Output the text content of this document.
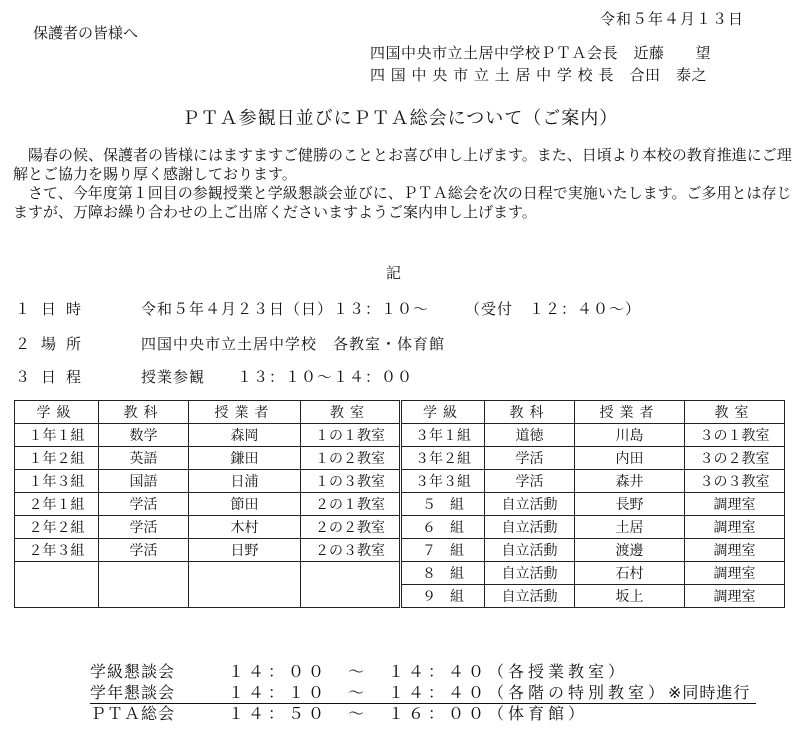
保護者の皆様へ
令和５年４月１３日
四国中央市立土居中学校ＰＴＡ会長　近藤　　望
四 国 中 央 市 立 土 居 中 学 校 長　合田　泰之
ＰＴＡ参観日並びにＰＴＡ総会について（ご案内）

陽春の候、保護者の皆様にはますますご健勝のこととお喜び申し上げます。また、日頃より本校の教育推進にご理解とご協力を賜り厚く感謝しております。

さて、今年度第１回目の参観授業と学級懇談会並びに、ＰＴＡ総会を次の日程で実施いたします。ご多用とは存じますが、万障お繰り合わせの上ご出席くださいますようご案内申し上げます。

記
１ 日時	令和５年４月２３日（日）１３：１０～ （受付　１２：４０～）
２ 場所	四国中央市立土居中学校　各教室・体育館
３ 日程	授業参観　　１３：１０～１４：００
学級	教科	授業者	教室	学級	教科	授業者	教室
１年１組	数学	森岡	１の１教室	３年１組	道徳	川島	３の１教室
１年２組	英語	鎌田	１の２教室	３年２組	学活	内田	３の２教室
１年３組	国語	日浦	１の３教室	３年３組	学活	森井	３の３教室
２年１組	学活	節田	２の１教室	５　組	自立活動	長野	調理室
２年２組	学活	木村	２の２教室	６　組	自立活動	土居	調理室
２年３組	学活	日野	２の３教室	７　組	自立活動	渡邊	調理室
				８　組	自立活動	石村	調理室
				９　組	自立活動	坂上	調理室
学級懇談会	１４：００　～　１４：４０（各授業教室）
学年懇談会	１４：１０　～　１４：４０（各階の特別教室）※同時進行
ＰＴＡ総会	１４：５０　～　１６：００（体育館）
